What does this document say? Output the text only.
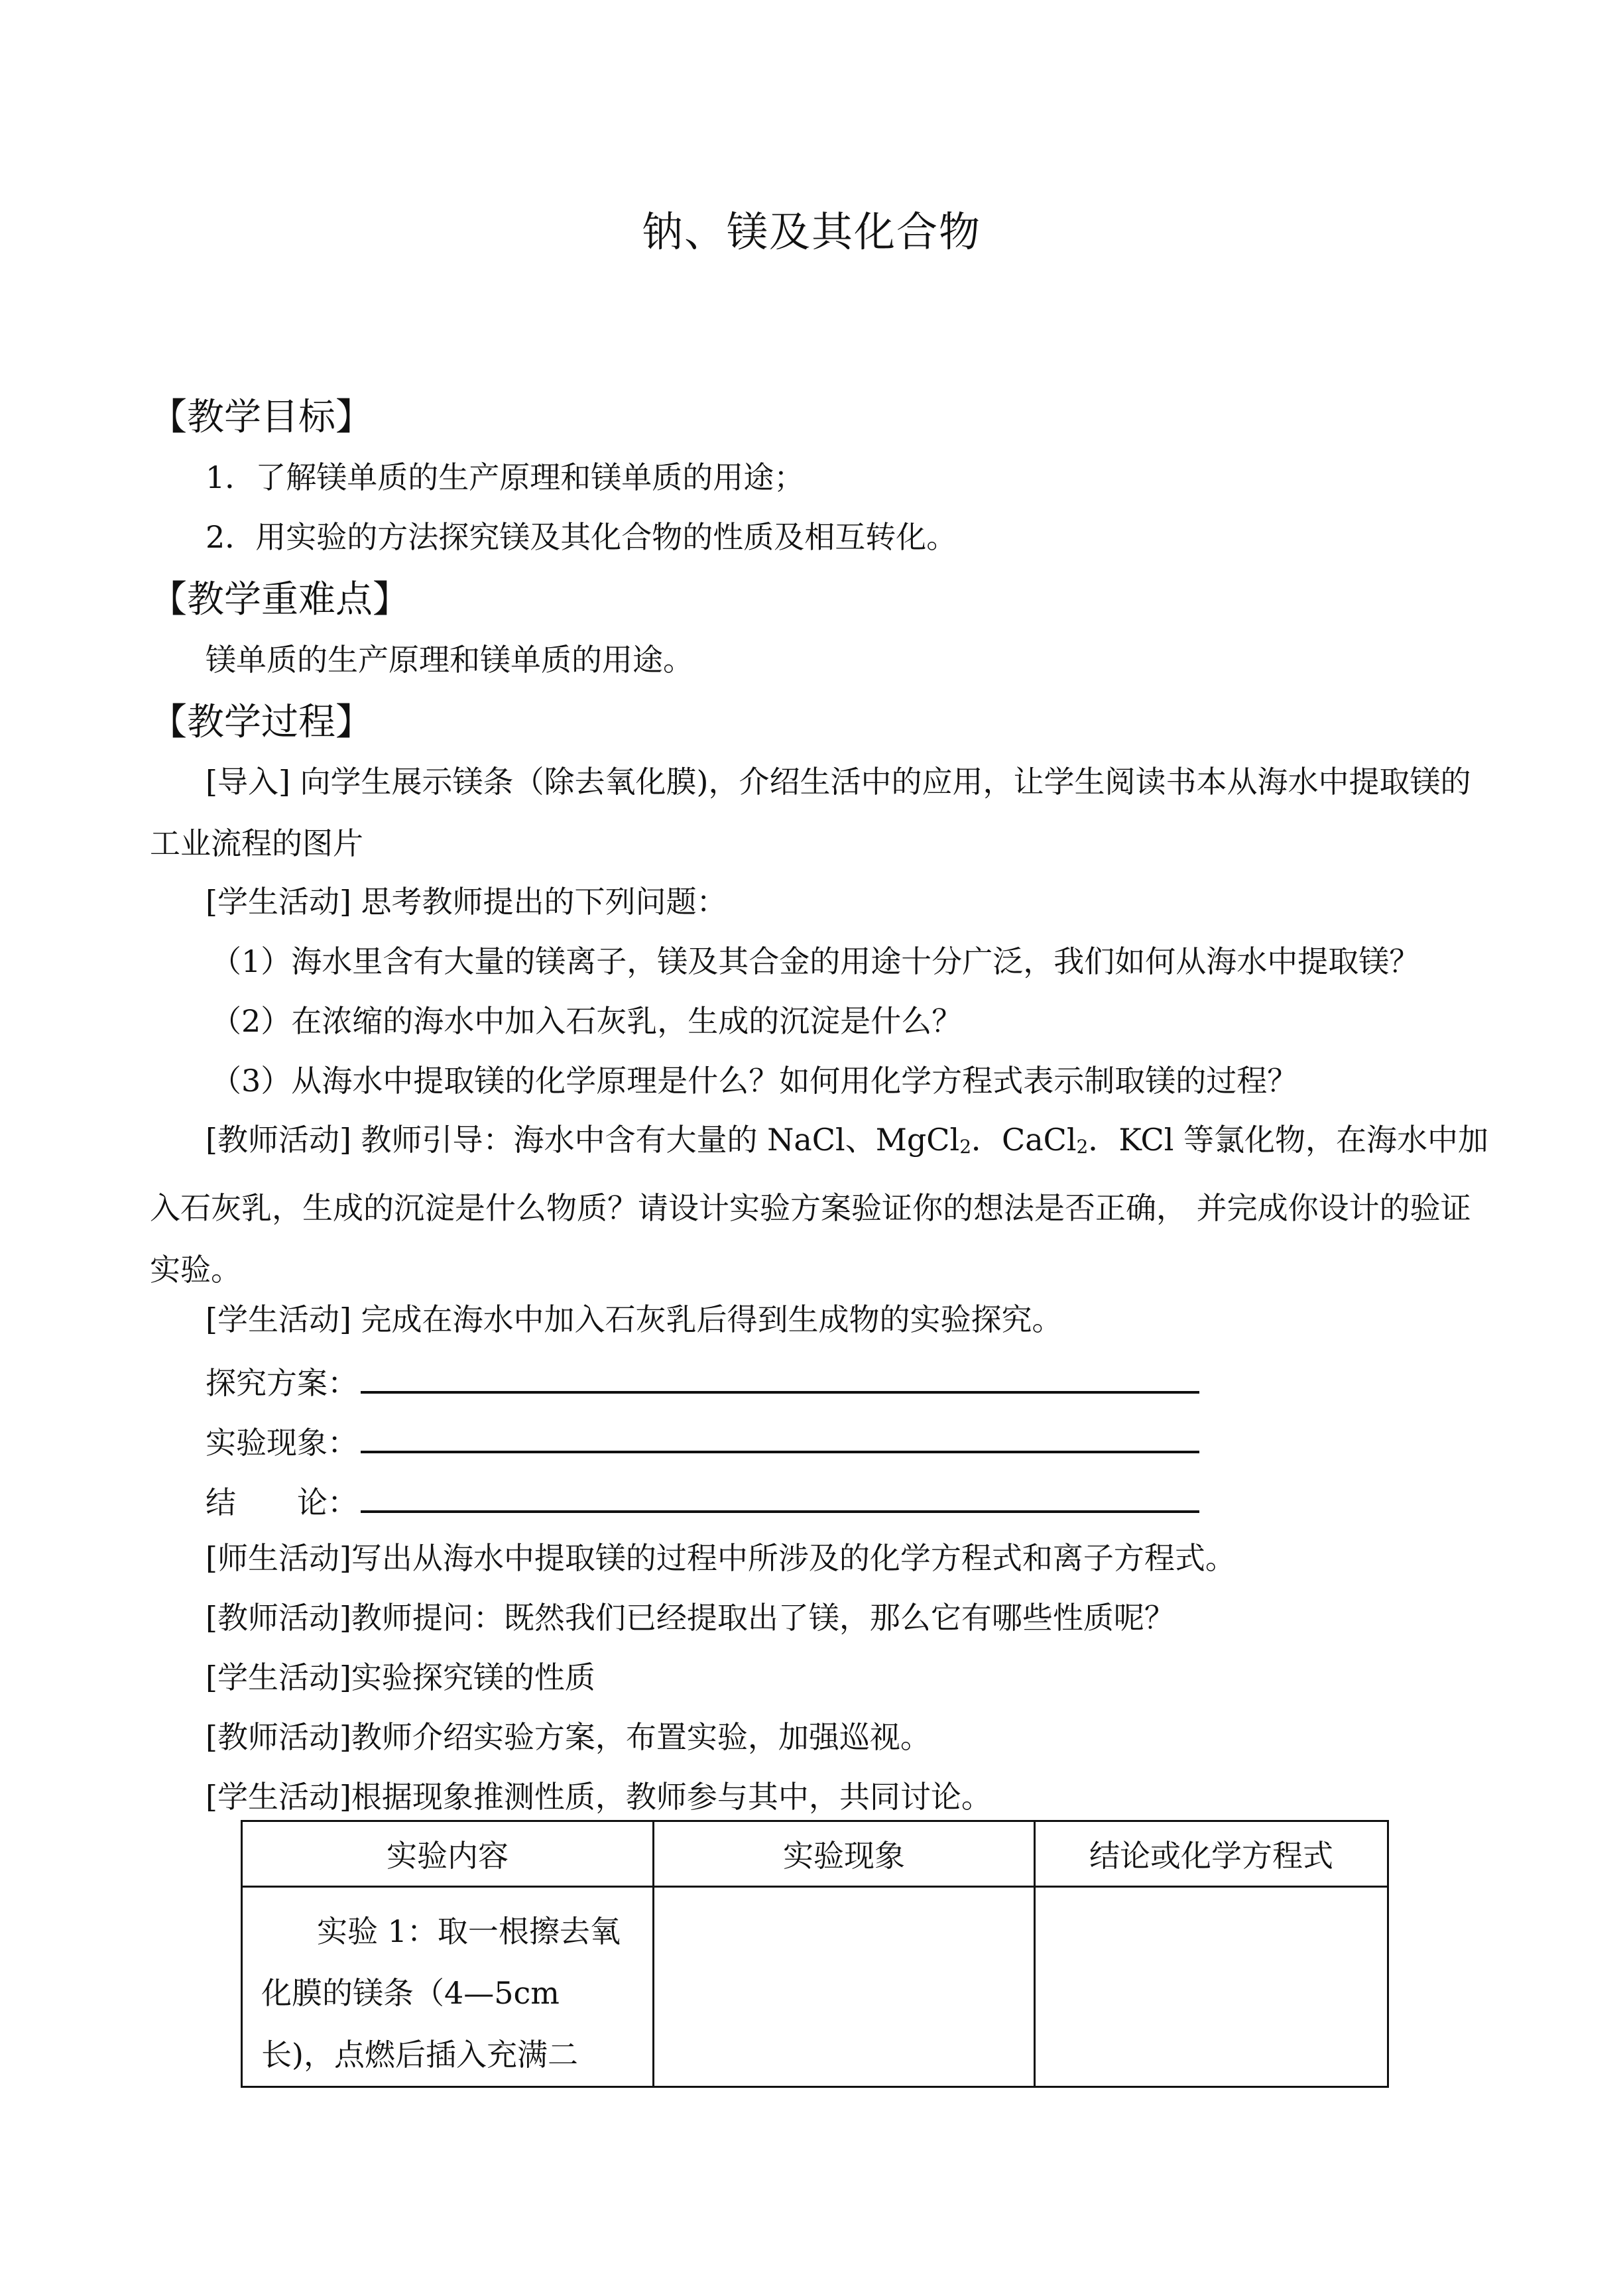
钠、镁及其化合物
【教学目标】
1．了解镁单质的生产原理和镁单质的用途；
2．用实验的方法探究镁及其化合物的性质及相互转化。
【教学重难点】
镁单质的生产原理和镁单质的用途。
【教学过程】
[导入] 向学生展示镁条（除去氧化膜)，介绍生活中的应用，让学生阅读书本从海水中提取镁的工业流程的图片
[学生活动] 思考教师提出的下列问题：
（1）海水里含有大量的镁离子，镁及其合金的用途十分广泛，我们如何从海水中提取镁？
（2）在浓缩的海水中加入石灰乳，生成的沉淀是什么？
（3）从海水中提取镁的化学原理是什么？如何用化学方程式表示制取镁的过程？
[教师活动] 教师引导：海水中含有大量的 NaCl、MgCl$_2$．CaCl$_2$．KCl 等氯化物，在海水中加入石灰乳，生成的沉淀是什么物质？请设计实验方案验证你的想法是否正确， 并完成你设计的验证实验。
[学生活动] 完成在海水中加入石灰乳后得到生成物的实验探究。
探究方案：
实验现象：
结　　论：
[师生活动]写出从海水中提取镁的过程中所涉及的化学方程式和离子方程式。
[教师活动]教师提问：既然我们已经提取出了镁，那么它有哪些性质呢？
[学生活动]实验探究镁的性质
[教师活动]教师介绍实验方案，布置实验，加强巡视。
[学生活动]根据现象推测性质，教师参与其中，共同讨论。
实验内容	实验现象	结论或化学方程式
实验 1：取一根擦去氧化膜的镁条（4—5cm 长)，点燃后插入充满二		
